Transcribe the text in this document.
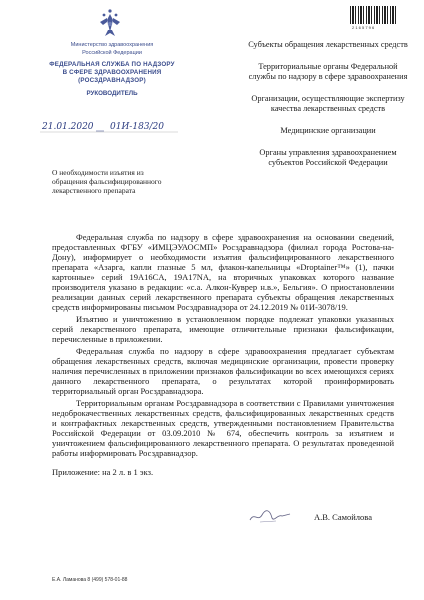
2 1 6 5 7 9 6
Министерство здравоохранения
Российской Федерации
ФЕДЕРАЛЬНАЯ СЛУЖБА ПО НАДЗОРУ
В СФЕРЕ ЗДРАВООХРАНЕНИЯ
(РОСЗДРАВНАДЗОР)
РУКОВОДИТЕЛЬ
21.01.2020 01И-183/20
Субъекты обращения лекарственных средств
Территориальные органы Федеральной службы по надзору в сфере здравоохранения
Организации, осуществляющие экспертизу качества лекарственных средств
Медицинские организации
Органы управления здравоохранением субъектов Российской Федерации
О необходимости изъятия из обращения фальсифицированного лекарственного препарата

Федеральная служба по надзору в сфере здравоохранения на основании сведений, предоставленных ФГБУ «ИМЦЭУАОСМП» Росздравнадзора (филиал города Ростова-на-Дону), информирует о необходимости изъятия фальсифицированного лекарственного препарата «Азарга, капли глазные 5 мл, флакон-капельницы «Droptainer™» (1), пачки картонные» серий 19A16CA, 19A17NA, на вторичных упаковках которого название производителя указано в редакции: «с.а. Алкон-Куврер н.в.», Бельгия». О приостановлении реализации данных серий лекарственного препарата субъекты обращения лекарственных средств информированы письмом Росздравнадзора от 24.12.2019 № 01И-3078/19.

Изъятию и уничтожению в установленном порядке подлежат упаковки указанных серий лекарственного препарата, имеющие отличительные признаки фальсификации, перечисленные в приложении.

Федеральная служба по надзору в сфере здравоохранения предлагает субъектам обращения лекарственных средств, включая медицинские организации, провести проверку наличия перечисленных в приложении признаков фальсификации во всех имеющихся сериях данного лекарственного препарата, о результатах которой проинформировать территориальный орган Росздравнадзора.

Территориальным органам Росздравнадзора в соответствии с Правилами уничтожения недоброкачественных лекарственных средств, фальсифицированных лекарственных средств и контрафактных лекарственных средств, утвержденными постановлением Правительства Российской Федерации от 03.09.2010 № 674, обеспечить контроль за изъятием и уничтожением фальсифицированного лекарственного препарата. О результатах проведенной работы информировать Росздравнадзор.

Приложение: на 2 л. в 1 экз.

А.В. Самойлова
Е.А. Ламанова 8 (499) 578-01-88
